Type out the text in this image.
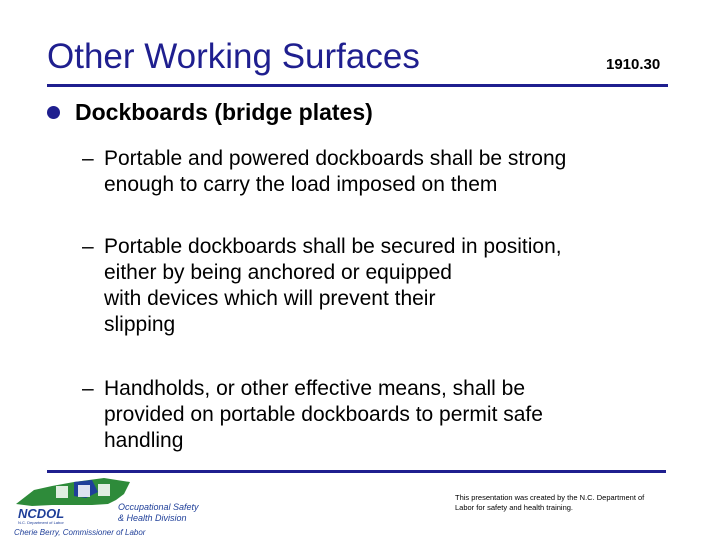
Other Working Surfaces	1910.30
Dockboards (bridge plates)
– Portable and powered dockboards shall be strong
enough to carry the load imposed on them
– Portable dockboards shall be secured in position,
either by being anchored or equipped
with devices which will prevent their
slipping
– Handholds, or other effective means, shall be
provided on portable dockboards to permit safe
handling
NCDOL
N.C. Department of Labor
Occupational Safety
& Health Division
Cherie Berry, Commissioner of Labor
This presentation was created by the N.C. Department of
Labor for safety and health training.
